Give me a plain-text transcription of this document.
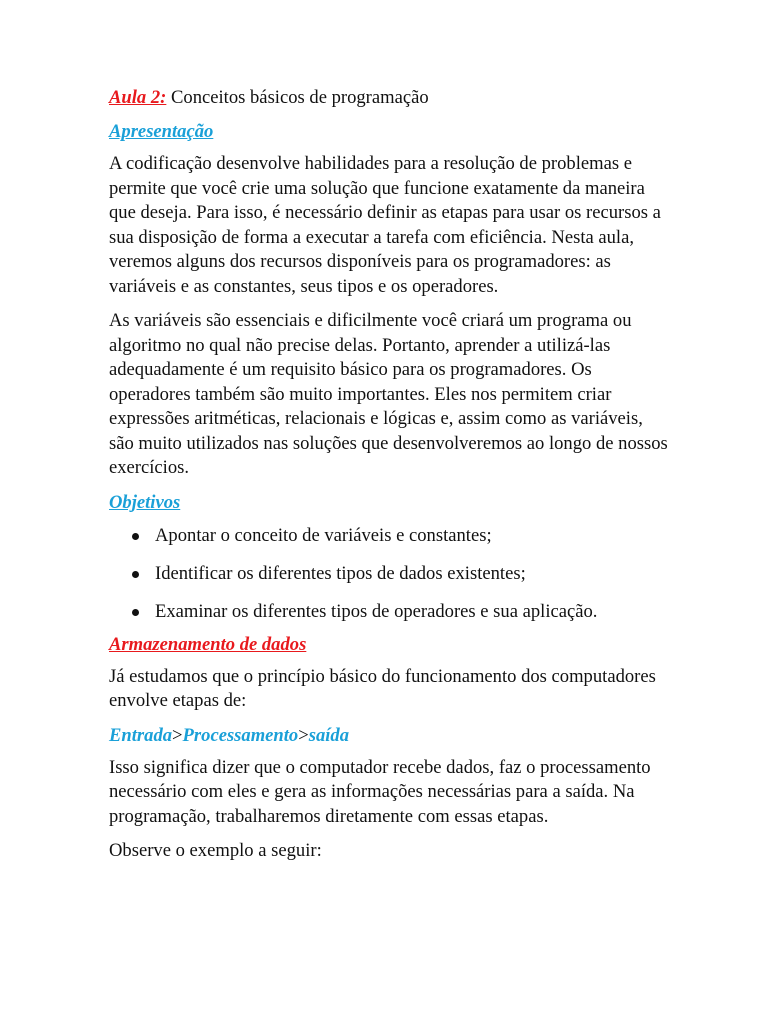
Aula 2: Conceitos básicos de programação

Apresentação

A codificação desenvolve habilidades para a resolução de problemas e permite que você crie uma solução que funcione exatamente da maneira que deseja. Para isso, é necessário definir as etapas para usar os recursos a sua disposição de forma a executar a tarefa com eficiência. Nesta aula, veremos alguns dos recursos disponíveis para os programadores: as variáveis e as constantes, seus tipos e os operadores.

As variáveis são essenciais e dificilmente você criará um programa ou algoritmo no qual não precise delas. Portanto, aprender a utilizá-las adequadamente é um requisito básico para os programadores. Os operadores também são muito importantes. Eles nos permitem criar expressões aritméticas, relacionais e lógicas e, assim como as variáveis, são muito utilizados nas soluções que desenvolveremos ao longo de nossos exercícios.

Objetivos

Apontar o conceito de variáveis e constantes;
Identificar os diferentes tipos de dados existentes;
Examinar os diferentes tipos de operadores e sua aplicação.

Armazenamento de dados

Já estudamos que o princípio básico do funcionamento dos computadores envolve etapas de:

Entrada>Processamento>saída

Isso significa dizer que o computador recebe dados, faz o processamento necessário com eles e gera as informações necessárias para a saída. Na programação, trabalharemos diretamente com essas etapas.

Observe o exemplo a seguir:
